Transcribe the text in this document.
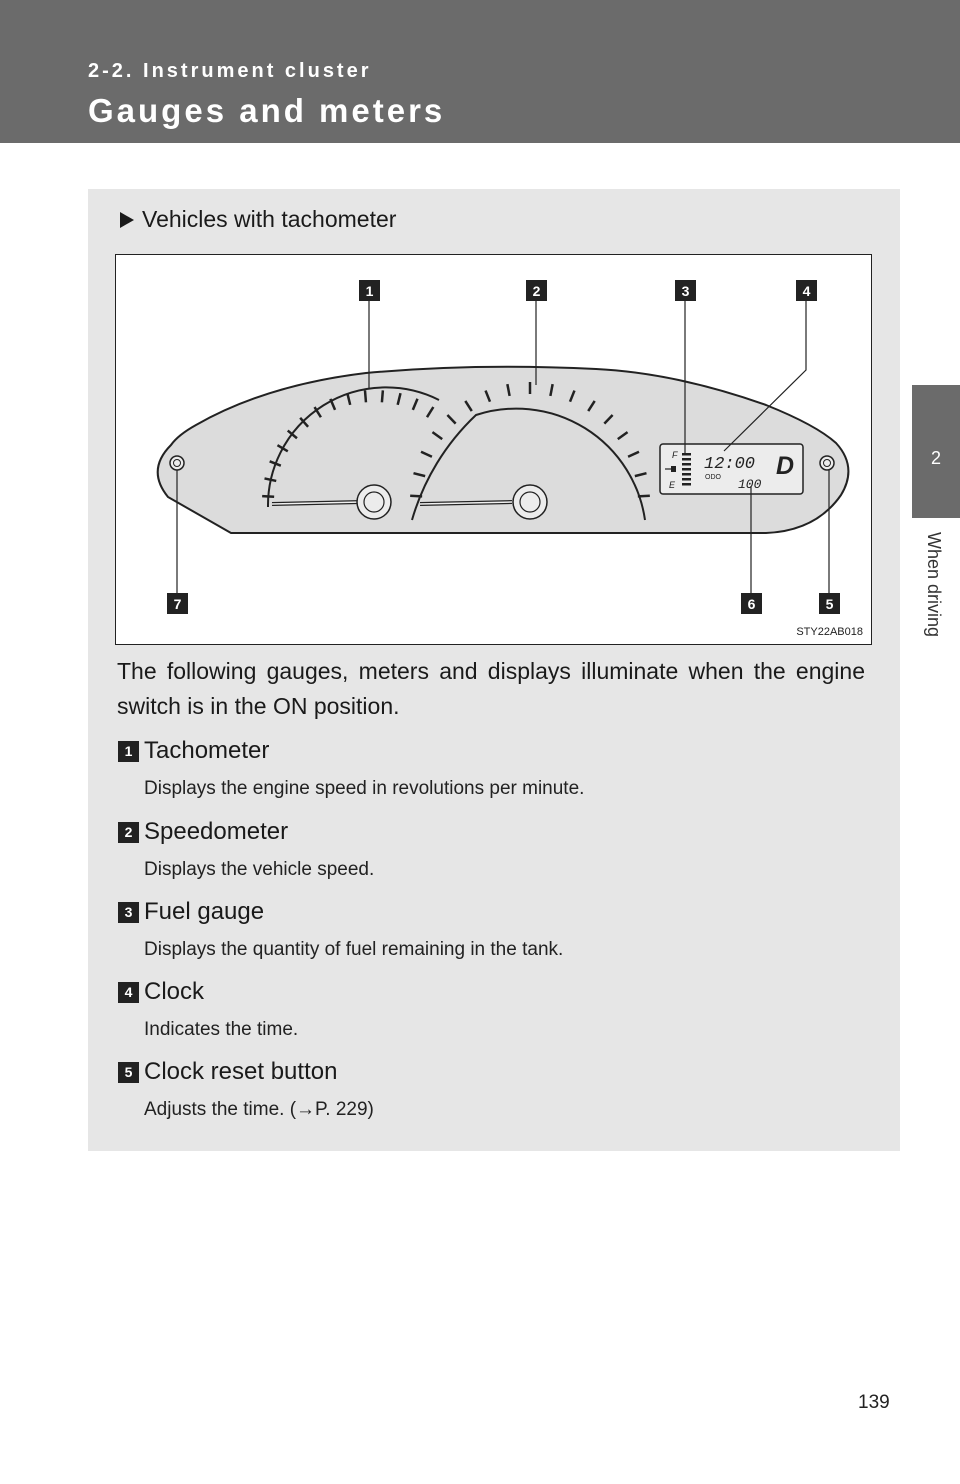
2-2. Instrument cluster
Gauges and meters
2
When driving
Vehicles with tachometer
F
E
12:00
ODO 100
D
1	2	3	4
5
6
7
STY22AB018
The following gauges, meters and displays illuminate when the engine switch is in the ON position.
1 Tachometer
Displays the engine speed in revolutions per minute.
2 Speedometer
Displays the vehicle speed.
3 Fuel gauge
Displays the quantity of fuel remaining in the tank.
4 Clock
Indicates the time.
5 Clock reset button
Adjusts the time. (→P. 229)
139
